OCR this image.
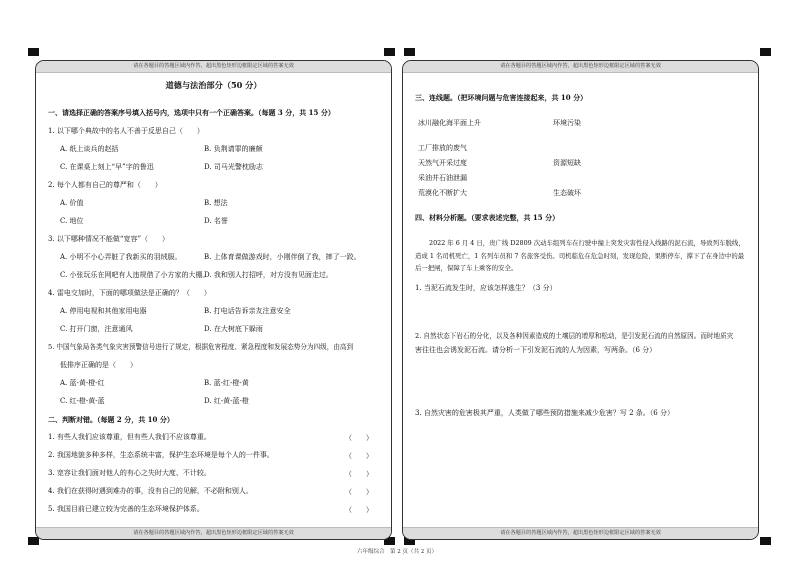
请在各题目的答题区域内作答，超出黑色矩形边框限定区域的答案无效
道德与法治部分（50 分）
一、请选择正确的答案序号填入括号内，选项中只有一个正确答案。（每题 3 分，共 15 分）
1. 以下哪个典故中的名人不善于反思自己（　　）
A. 纸上谈兵的赵括	B. 负荆请罪的廉颇
C. 在课桌上刻上“早”字的鲁迅	D. 司马光警枕励志
2. 每个人都有自己的尊严和（　　）
A. 价值	B. 想法
C. 地位	D. 名誉
3. 以下哪种情况不能做“宽容”（　　）
A. 小明不小心弄脏了我新买的羽绒服。	B. 上体育课做游戏时，小刚伴倒了我，摔了一跤。
C. 小张玩乐在网吧有人违规借了小方家的大棚。
D. 我和别人打招呼，对方没有见面走过。
4. 雷电交加时，下面的哪项做法是正确的？（　　）
A. 停用电视和其他家用电器	B. 打电话告诉亲友注意安全
C. 打开门窗，注意通风	D. 在大树底下躲雨
5. 中国气象局各类气象灾害预警信号进行了规定，根据危害程度、紧急程度和发展态势分为四级，由高到
低排序正确的是（　　）
A. 蓝-黄-橙-红	B. 蓝-红-橙-黄
C. 红-橙-黄-蓝	D. 红-黄-蓝-橙
二、判断对错。（每题 2 分，共 10 分）
1. 有些人我们应该尊重，但有些人我们不应该尊重。	（　　）
2. 我国地貌多种多样，生态系统丰富，保护生态环境是每个人的一件事。	（　　）
3. 宽容让我们面对他人的有心之失时大度、不计较。	（　　）
4. 我们在获得时遇到难办的事，没有自己的见解，不必附和别人。	（　　）
5. 我国目前已建立较为完善的生态环境保护体系。	（　　）
请在各题目的答题区域内作答，超出黑色矩形边框限定区域的答案无效
请在各题目的答题区域内作答，超出黑色矩形边框限定区域的答案无效
三、连线题。（把环境问题与危害连接起来，共 10 分）
冰川融化海平面上升	环境污染
工厂排放的废气
天然气开采过度	资源短缺
采油井石油泄漏
荒漠化不断扩大	生态破坏
四、材料分析题。（要求表述完整，共 15 分）
2022 年 6 月 4 日，贵广线 D2809 次动车组列车在行驶中撞上突发灾害性侵入线路的泥石流，导致列车脱线，造成 1 名司机死亡，1 名列车员和 7 名旅客受伤。司机临危在危急时刻，发现危险，果断停车，撑下了在身边中的最后一把闸，保障了车上乘客的安全。
1. 当泥石流发生时，应该怎样逃生？（3 分）
2. 自然状态下岩石的分化，以及各种因素造成的土壤层的增厚和松动，是引发泥石流的自然原因。而时地质灾
害往往也会诱发泥石流。请分析一下引发泥石流的人为因素，写两条。（6 分）
3. 自然灾害的危害极其严重，人类做了哪些预防措施来减少危害？写 2 条。（6 分）
请在各题目的答题区域内作答，超出黑色矩形边框限定区域的答案无效
六年级综合　第 2 页（共 2 页）
